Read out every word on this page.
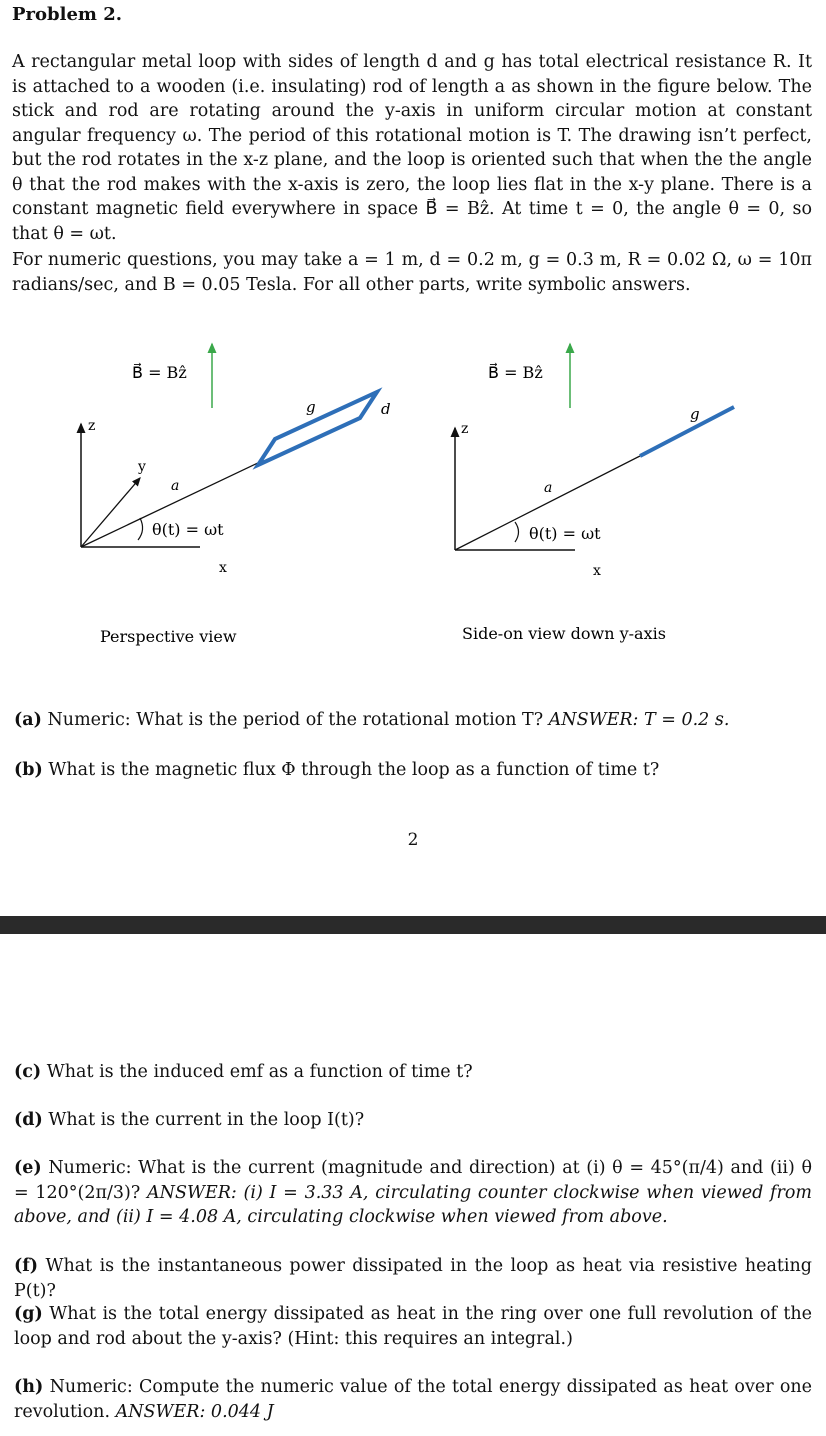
Problem 2.
A rectangular metal loop with sides of length d and g has total electrical resistance R. It is attached to a wooden (i.e. insulating) rod of length a as shown in the figure below. The stick and rod are rotating around the y-axis in uniform circular motion at constant angular frequency ω. The period of this rotational motion is T. The drawing isn’t perfect, but the rod rotates in the x-z plane, and the loop is oriented such that when the the angle θ that the rod makes with the x-axis is zero, the loop lies flat in the x-y plane. There is a constant magnetic field everywhere in space B⃗ = Bẑ. At time t = 0, the angle θ = 0, so that θ = ωt.
For numeric questions, you may take a = 1 m, d = 0.2 m, g = 0.3 m, R = 0.02 Ω, ω = 10π radians/sec, and B = 0.05 Tesla. For all other parts, write symbolic answers.
B⃗ = Bẑ
z
x
y
a
θ(t) = ωt
g	d
Perspective view
B⃗ = Bẑ
z
x
a
θ(t) = ωt
g
Side-on view down y-axis
(a) Numeric: What is the period of the rotational motion T? ANSWER: T = 0.2 s.
(b) What is the magnetic flux Φ through the loop as a function of time t?
2
(c) What is the induced emf as a function of time t?
(d) What is the current in the loop I(t)?
(e) Numeric: What is the current (magnitude and direction) at (i) θ = 45°(π/4) and (ii) θ = 120°(2π/3)? ANSWER: (i) I = 3.33 A, circulating counter clockwise when viewed from above, and (ii) I = 4.08 A, circulating clockwise when viewed from above.
(f) What is the instantaneous power dissipated in the loop as heat via resistive heating P(t)?
(g) What is the total energy dissipated as heat in the ring over one full revolution of the loop and rod about the y-axis? (Hint: this requires an integral.)
(h) Numeric: Compute the numeric value of the total energy dissipated as heat over one revolution. ANSWER: 0.044 J
